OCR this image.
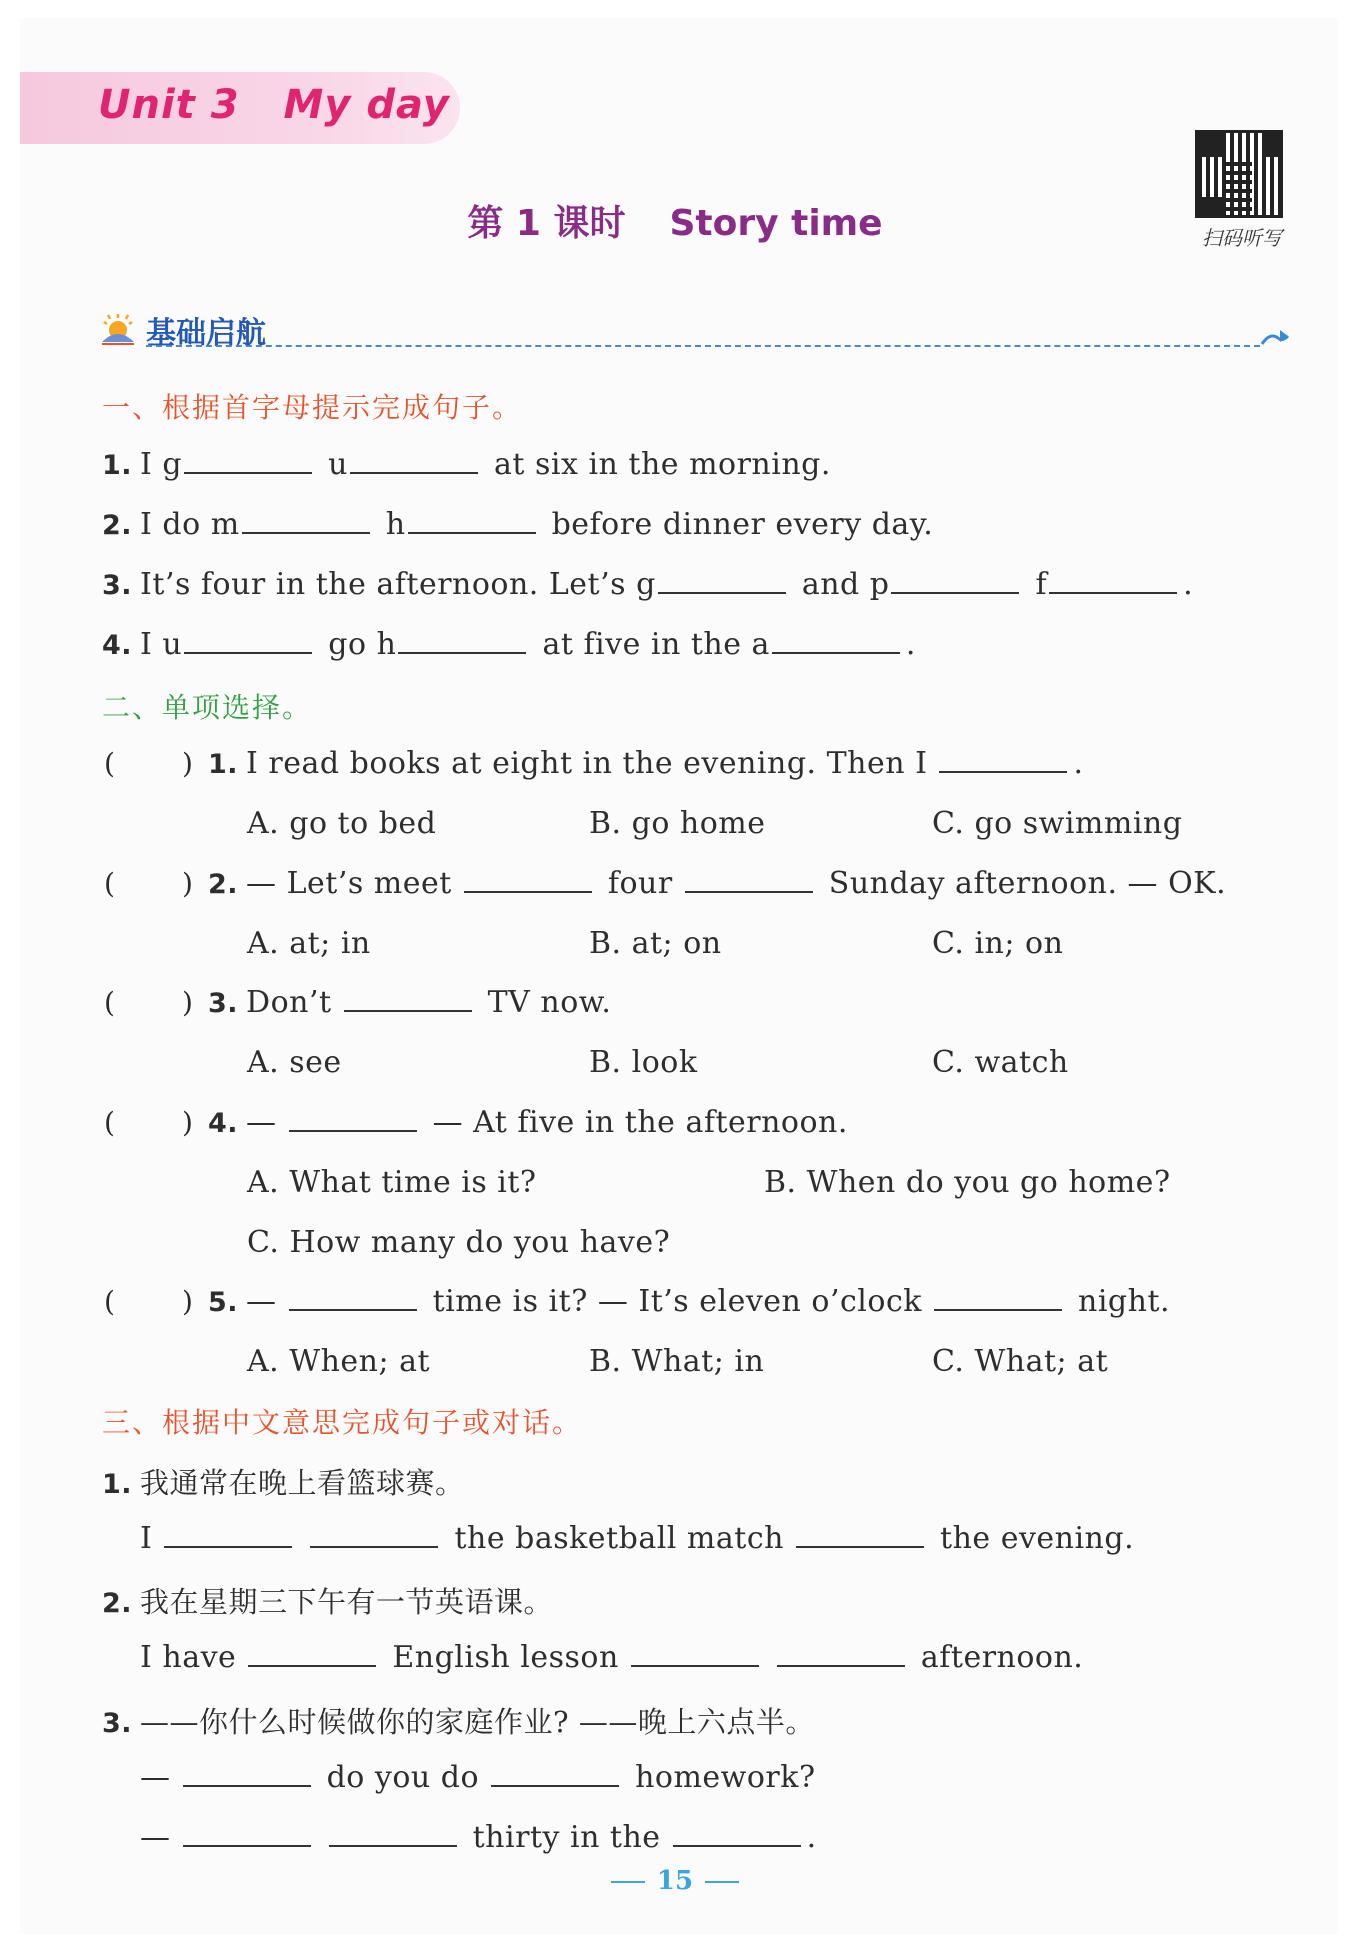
Unit 3 My day
扫码听写
第 1 课时 Story time
基础启航
一、根据首字母提示完成句子。
1. I g	u	at six in the morning.
2. I do m	h	before dinner every day.
3. It’s four in the afternoon. Let’s g	and p	f	.
4. I u	go h	at five in the a	.
二、单项选择。
( ) 1. I read books at eight in the evening. Then I	.
A. go to bed	B. go home	C. go swimming
( ) 2. — Let’s meet	four	Sunday afternoon. — OK.
A. at; in	B. at; on	C. in; on
( ) 3. Don’t	TV now.
A. see	B. look	C. watch
( ) 4. —	— At five in the afternoon.
A. What time is it?	B. When do you go home?
C. How many do you have?
( ) 5. —	time is it? — It’s eleven o’clock	night.
A. When; at	B. What; in	C. What; at
三、根据中文意思完成句子或对话。
1. 我通常在晚上看篮球赛。
I	the basketball match	the evening.
2. 我在星期三下午有一节英语课。
I have	English lesson	afternoon.
3. ——你什么时候做你的家庭作业? ——晚上六点半。
—	do you do	homework?
—	thirty in the	.
15
